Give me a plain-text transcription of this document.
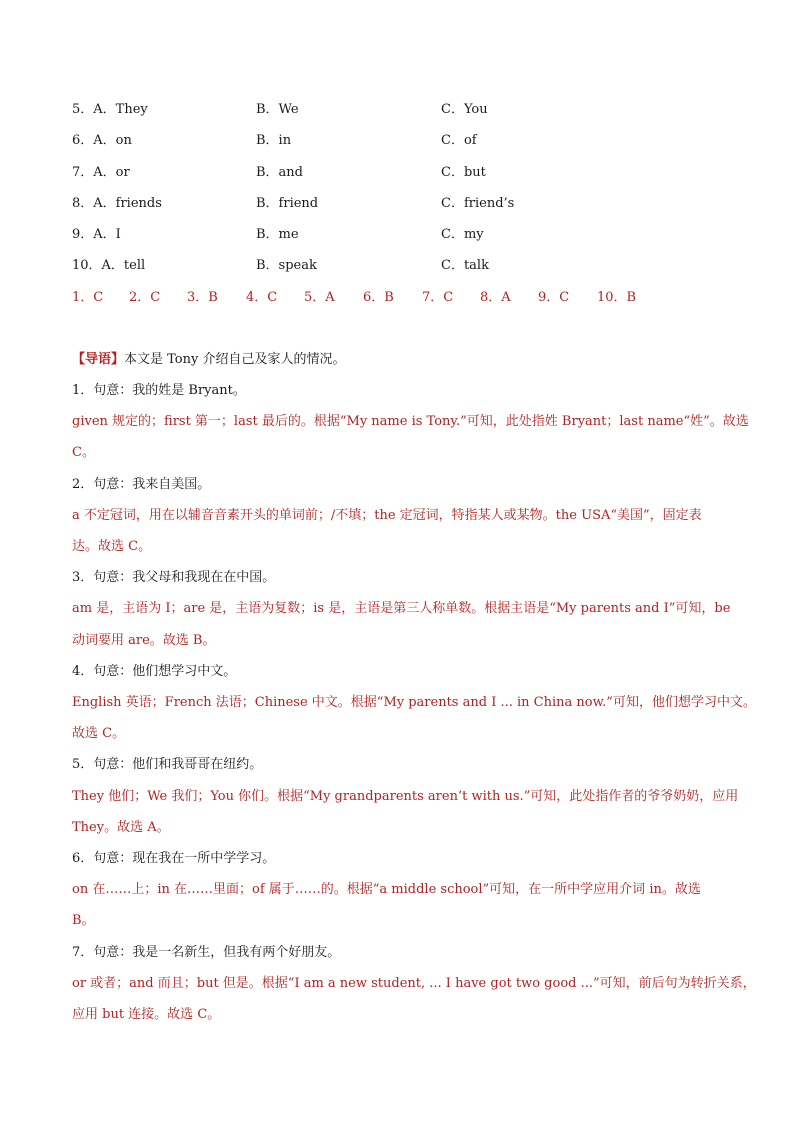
5．A．They	B．We	C．You
6．A．on	B．in	C．of
7．A．or	B．and	C．but
8．A．friends	B．friend	C．friend’s
9．A．I	B．me	C．my
10．A．tell	B．speak	C．talk
1．C 2．C 3．B 4．C 5．A 6．B 7．C 8．A 9．C 10．B
【导语】本文是 Tony 介绍自己及家人的情况。
1．句意：我的姓是 Bryant。
given 规定的；first 第一；last 最后的。根据“My name is Tony.”可知，此处指姓 Bryant；last name“姓”。故选
C。
2．句意：我来自美国。
a 不定冠词，用在以辅音音素开头的单词前；/不填；the 定冠词，特指某人或某物。the USA“美国”，固定表
达。故选 C。
3．句意：我父母和我现在在中国。
am 是，主语为 I；are 是，主语为复数；is 是，主语是第三人称单数。根据主语是“My parents and I”可知，be
动词要用 are。故选 B。
4．句意：他们想学习中文。
English 英语；French 法语；Chinese 中文。根据“My parents and I ... in China now.”可知，他们想学习中文。
故选 C。
5．句意：他们和我哥哥在纽约。
They 他们；We 我们；You 你们。根据“My grandparents aren’t with us.”可知，此处指作者的爷爷奶奶，应用
They。故选 A。
6．句意：现在我在一所中学学习。
on 在……上；in 在……里面；of 属于……的。根据“a middle school”可知，在一所中学应用介词 in。故选
B。
7．句意：我是一名新生，但我有两个好朋友。
or 或者；and 而且；but 但是。根据“I am a new student, ... I have got two good ...”可知，前后句为转折关系，
应用 but 连接。故选 C。
